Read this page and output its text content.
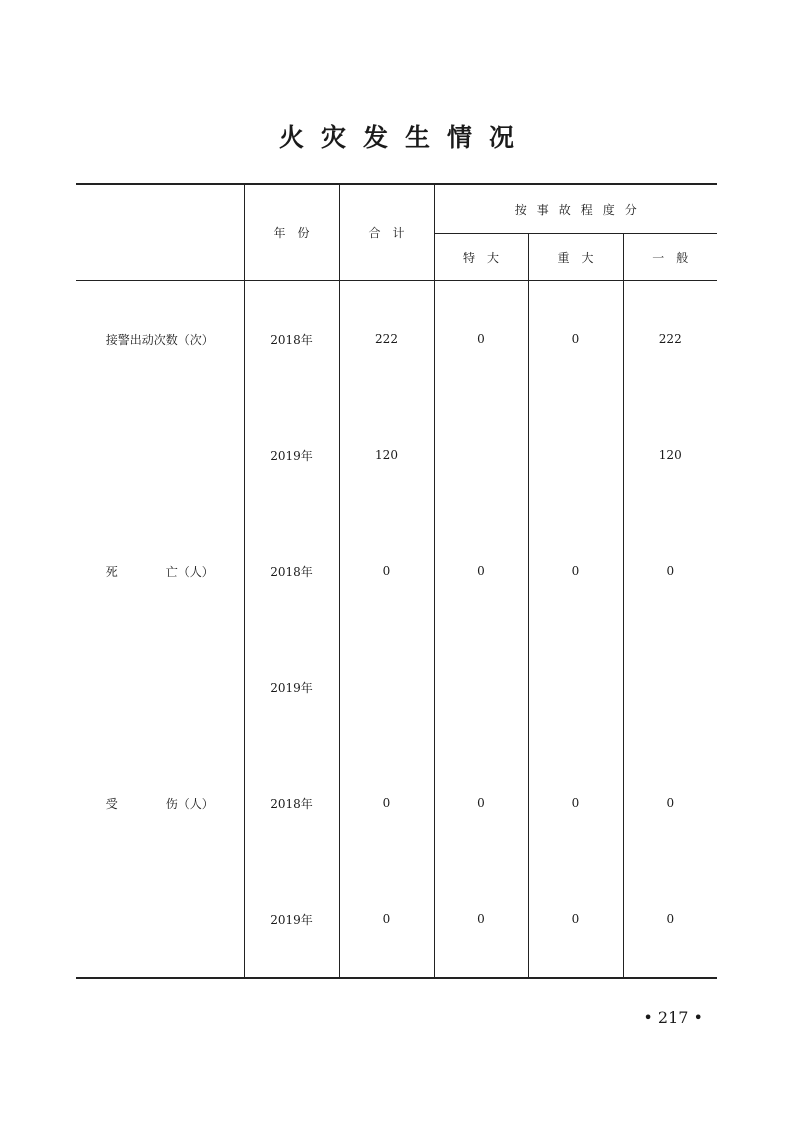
火灾发生情况
	年　份	合　计	按事故程度分		
			特　大	重　大	一　般
接警出动次数（次）	2018年	222	0	0	222
	2019年	120			120
死 亡（人）	2018年	0	0	0	0
	2019年				
受 伤（人）	2018年	0	0	0	0
	2019年	0	0	0	0
• 217 •
